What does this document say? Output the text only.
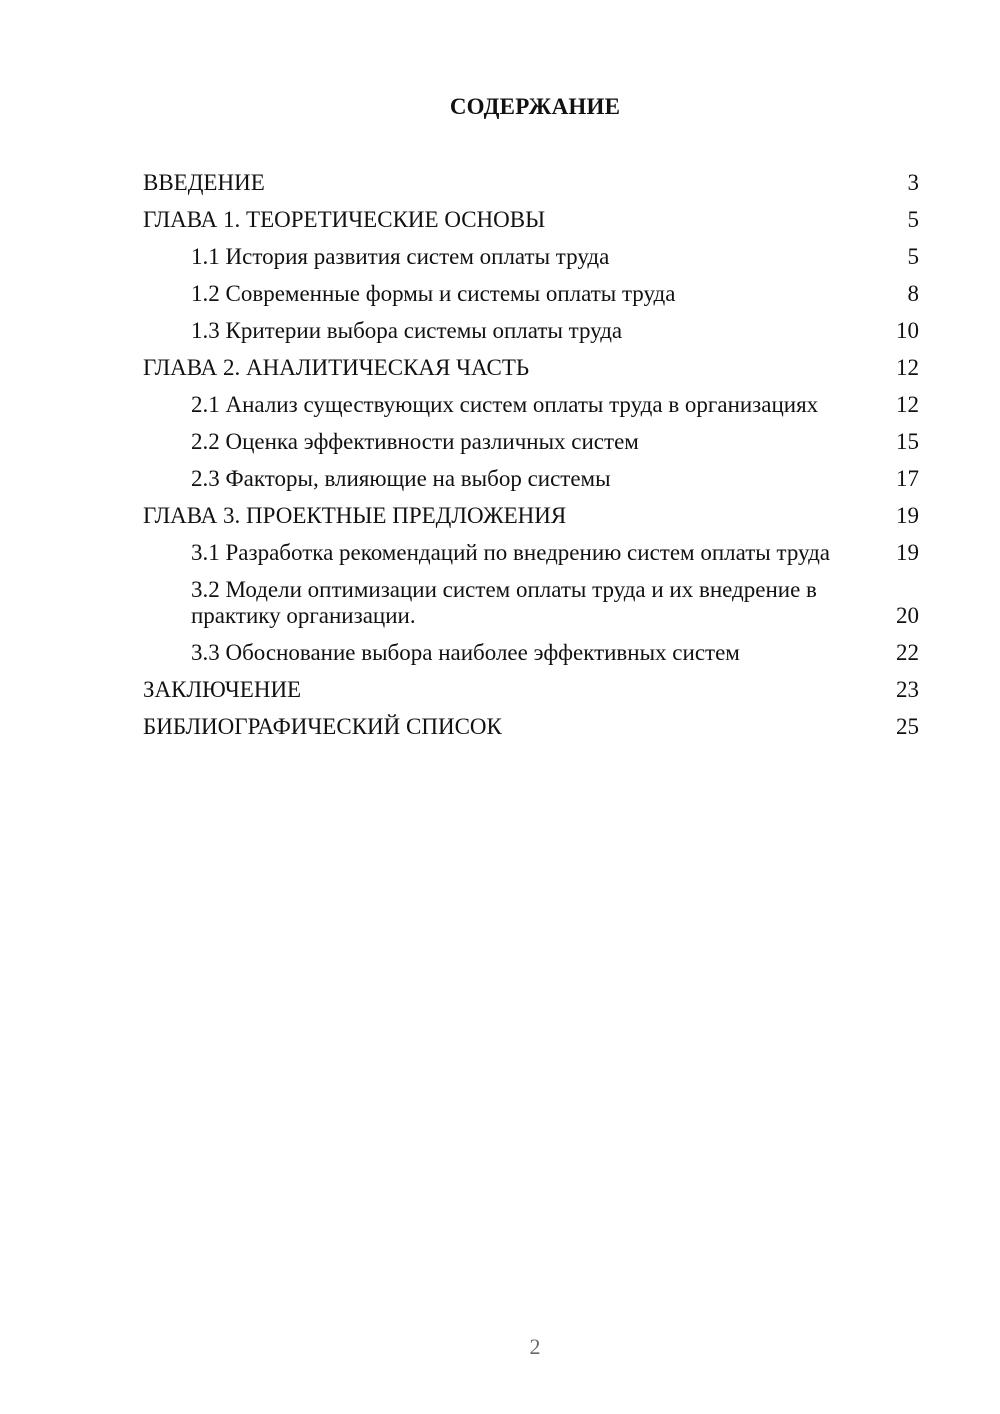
СОДЕРЖАНИЕ
ВВЕДЕНИЕ	3
ГЛАВА 1. ТЕОРЕТИЧЕСКИЕ ОСНОВЫ	5
1.1 История развития систем оплаты труда	5
1.2 Современные формы и системы оплаты труда	8
1.3 Критерии выбора системы оплаты труда	10
ГЛАВА 2. АНАЛИТИЧЕСКАЯ ЧАСТЬ	12
2.1 Анализ существующих систем оплаты труда в организациях	12
2.2 Оценка эффективности различных систем	15
2.3 Факторы, влияющие на выбор системы	17
ГЛАВА 3. ПРОЕКТНЫЕ ПРЕДЛОЖЕНИЯ	19
3.1 Разработка рекомендаций по внедрению систем оплаты труда	19
3.2 Модели оптимизации систем оплаты труда и их внедрение в практику организации.	20
3.3 Обоснование выбора наиболее эффективных систем	22
ЗАКЛЮЧЕНИЕ	23
БИБЛИОГРАФИЧЕСКИЙ СПИСОК	25
2
